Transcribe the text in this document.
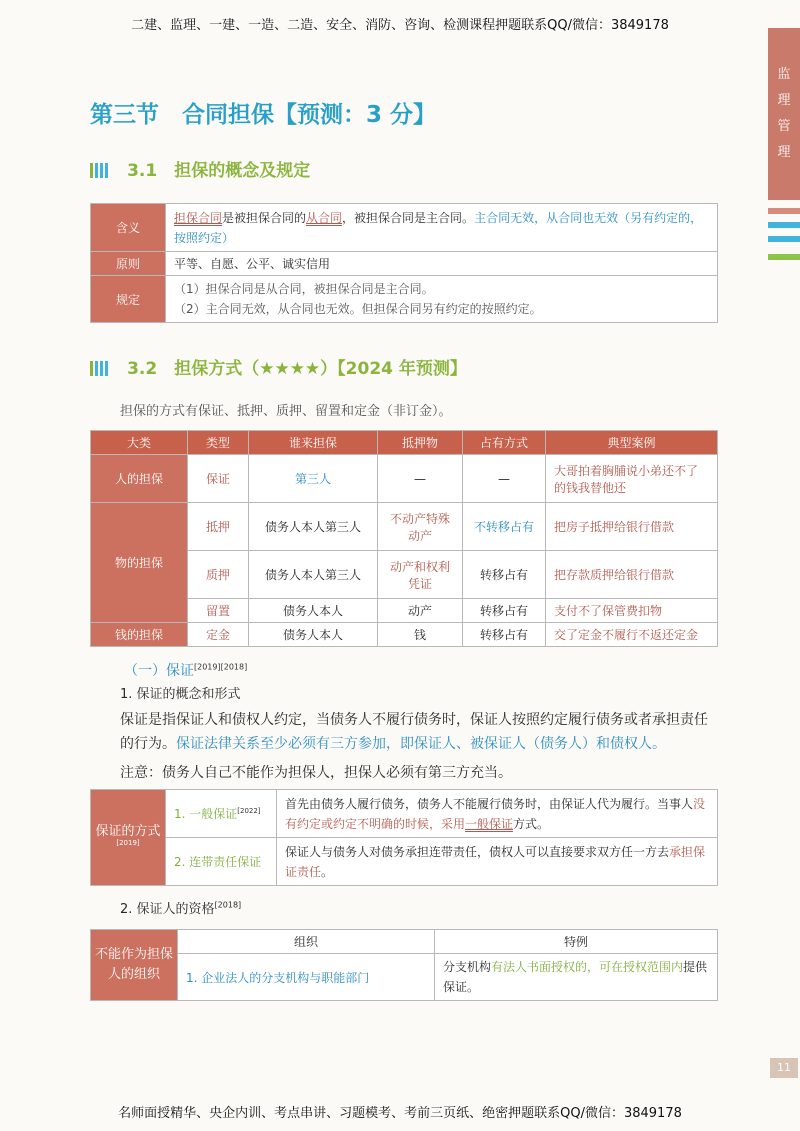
二建、监理、一建、一造、二造、安全、消防、咨询、检测课程押题联系QQ/微信：3849178
名师面授精华、央企内训、考点串讲、习题模考、考前三页纸、绝密押题联系QQ/微信：3849178
监
理
管
理
11
第三节　合同担保【预测：3 分】
3.1　担保的概念及规定
含义	担保合同是被担保合同的从合同，被担保合同是主合同。主合同无效，从合同也无效（另有约定的，按照约定）
原则	平等、自愿、公平、诚实信用
规定	（1）担保合同是从合同，被担保合同是主合同。
（2）主合同无效，从合同也无效。但担保合同另有约定的按照约定。
3.2　担保方式（★★★★）【2024 年预测】
担保的方式有保证、抵押、质押、留置和定金（非订金）。
大类	类型	谁来担保	抵押物	占有方式	典型案例
人的担保	保证	第三人	—	—	大哥拍着胸脯说小弟还不了的钱我替他还
物的担保	抵押	债务人本人第三人	不动产特殊动产	不转移占有	把房子抵押给银行借款
	质押	债务人本人第三人	动产和权利凭证	转移占有	把存款质押给银行借款
	留置	债务人本人	动产	转移占有	支付不了保管费扣物
钱的担保	定金	债务人本人	钱	转移占有	交了定金不履行不返还定金
（一）保证[2019][2018]
1. 保证的概念和形式
保证是指保证人和债权人约定，当债务人不履行债务时，保证人按照约定履行债务或者承担责任的行为。保证法律关系至少必须有三方参加，即保证人、被保证人（债务人）和债权人。
注意：债务人自己不能作为担保人，担保人必须有第三方充当。
保证的方式[2019]	1. 一般保证[2022]	首先由债务人履行债务，债务人不能履行债务时，由保证人代为履行。当事人没有约定或约定不明确的时候，采用一般保证方式。
	2. 连带责任保证	保证人与债务人对债务承担连带责任，债权人可以直接要求双方任一方去承担保证责任。
2. 保证人的资格[2018]
不能作为担保人的组织	组织	特例
	1. 企业法人的分支机构与职能部门	分支机构有法人书面授权的，可在授权范围内提供保证。
